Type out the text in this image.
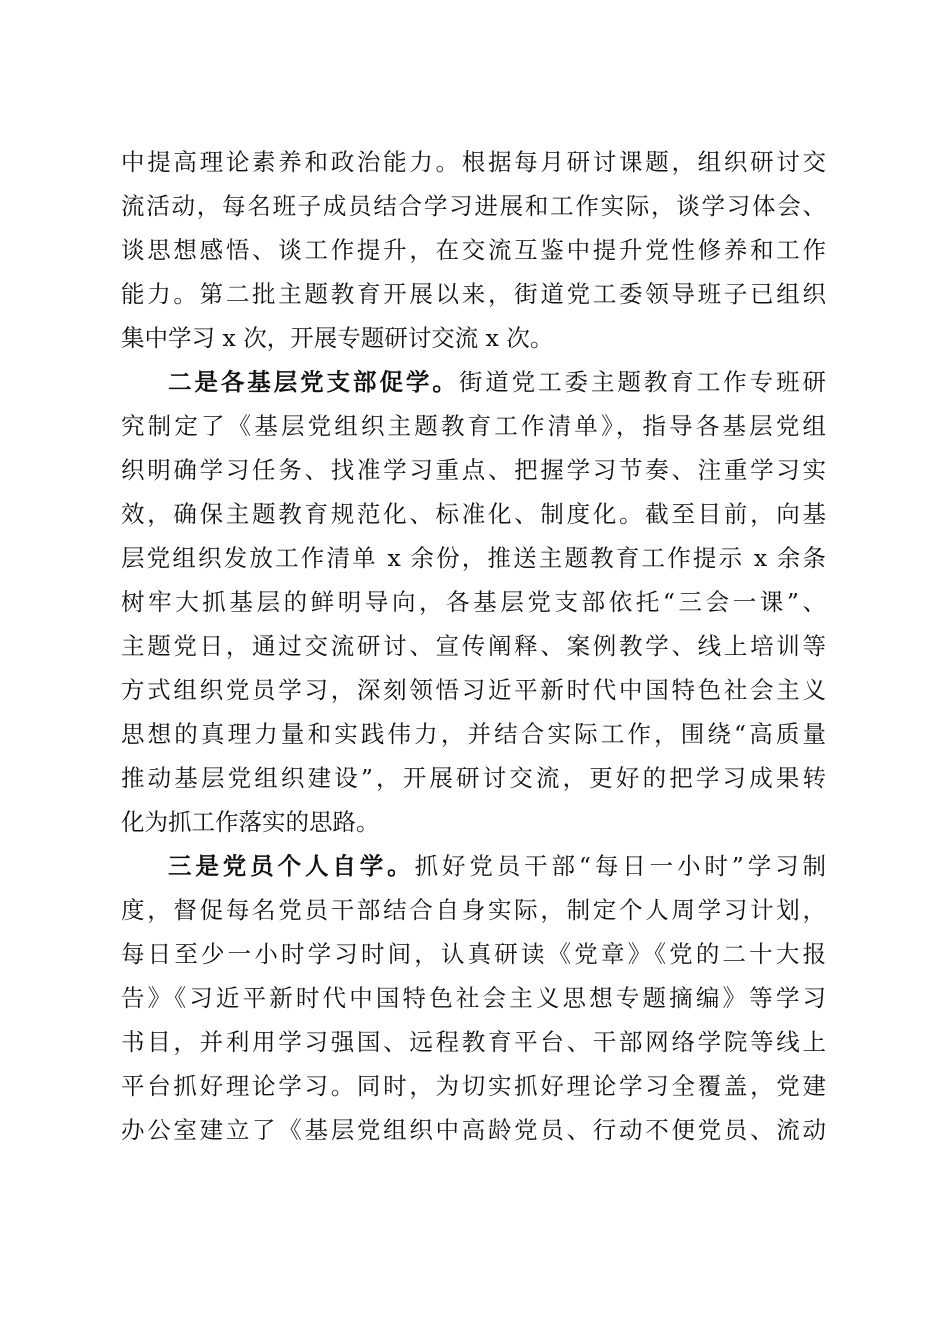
中提高理论素养和政治能力。根据每月研讨课题，组织研讨交
流活动，每名班子成员结合学习进展和工作实际，谈学习体会、
谈思想感悟、谈工作提升，在交流互鉴中提升党性修养和工作
能力。第二批主题教育开展以来，街道党工委领导班子已组织
集中学习 x 次，开展专题研讨交流 x 次。
二是各基层党支部促学。街道党工委主题教育工作专班研
究制定了《基层党组织主题教育工作清单》，指导各基层党组
织明确学习任务、找准学习重点、把握学习节奏、注重学习实
效，确保主题教育规范化、标准化、制度化。截至目前，向基
层党组织发放工作清单 x 余份，推送主题教育工作提示 x 余条
树牢大抓基层的鲜明导向，各基层党支部依托“三会一课”、
主题党日，通过交流研讨、宣传阐释、案例教学、线上培训等
方式组织党员学习，深刻领悟习近平新时代中国特色社会主义
思想的真理力量和实践伟力，并结合实际工作，围绕“高质量
推动基层党组织建设”，开展研讨交流，更好的把学习成果转
化为抓工作落实的思路。
三是党员个人自学。抓好党员干部“每日一小时”学习制
度，督促每名党员干部结合自身实际，制定个人周学习计划，
每日至少一小时学习时间，认真研读《党章》《党的二十大报
告》《习近平新时代中国特色社会主义思想专题摘编》等学习
书目，并利用学习强国、远程教育平台、干部网络学院等线上
平台抓好理论学习。同时，为切实抓好理论学习全覆盖，党建
办公室建立了《基层党组织中高龄党员、行动不便党员、流动
